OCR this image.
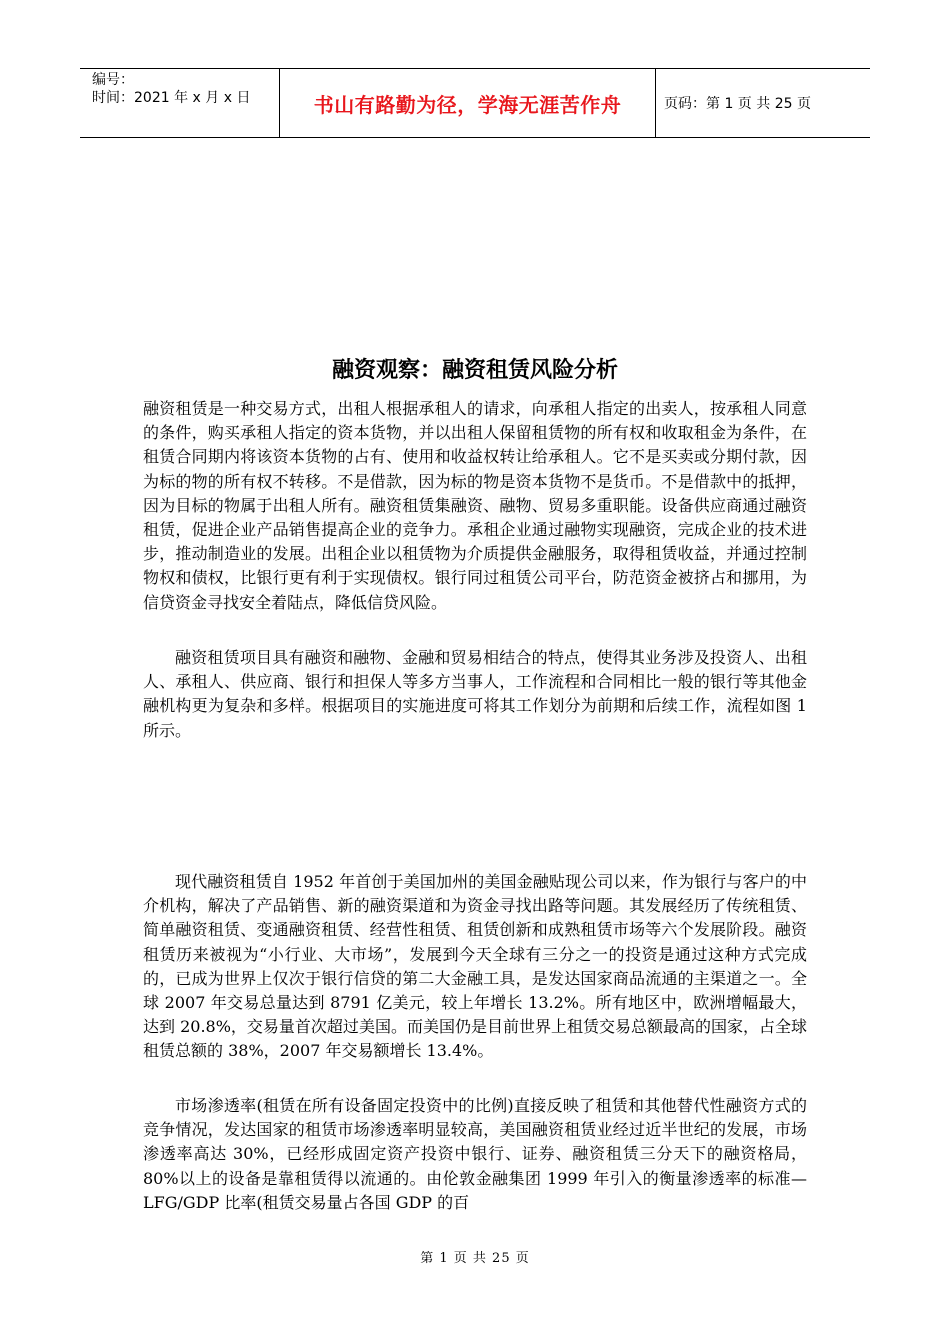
编号：
时间：2021 年 x 月 x 日	书山有路勤为径，学海无涯苦作舟	页码：第 1 页 共 25 页
融资观察：融资租赁风险分析

融资租赁是一种交易方式，出租人根据承租人的请求，向承租人指定的出卖人，按承租人同意的条件，购买承租人指定的资本货物，并以出租人保留租赁物的所有权和收取租金为条件，在租赁合同期内将该资本货物的占有、使用和收益权转让给承租人。它不是买卖或分期付款，因为标的物的所有权不转移。不是借款，因为标的物是资本货物不是货币。不是借款中的抵押，因为目标的物属于出租人所有。融资租赁集融资、融物、贸易多重职能。设备供应商通过融资租赁，促进企业产品销售提高企业的竞争力。承租企业通过融物实现融资，完成企业的技术进步，推动制造业的发展。出租企业以租赁物为介质提供金融服务，取得租赁收益，并通过控制物权和债权，比银行更有利于实现债权。银行同过租赁公司平台，防范资金被挤占和挪用，为信贷资金寻找安全着陆点，降低信贷风险。

融资租赁项目具有融资和融物、金融和贸易相结合的特点，使得其业务涉及投资人、出租人、承租人、供应商、银行和担保人等多方当事人，工作流程和合同相比一般的银行等其他金融机构更为复杂和多样。根据项目的实施进度可将其工作划分为前期和后续工作，流程如图 1 所示。

现代融资租赁自 1952 年首创于美国加州的美国金融贴现公司以来，作为银行与客户的中介机构，解决了产品销售、新的融资渠道和为资金寻找出路等问题。其发展经历了传统租赁、简单融资租赁、变通融资租赁、经营性租赁、租赁创新和成熟租赁市场等六个发展阶段。融资租赁历来被视为“小行业、大市场”，发展到今天全球有三分之一的投资是通过这种方式完成的，已成为世界上仅次于银行信贷的第二大金融工具，是发达国家商品流通的主渠道之一。全球 2007 年交易总量达到 8791 亿美元，较上年增长 13.2%。所有地区中，欧洲增幅最大，达到 20.8%，交易量首次超过美国。而美国仍是目前世界上租赁交易总额最高的国家，占全球租赁总额的 38%，2007 年交易额增长 13.4%。

市场渗透率(租赁在所有设备固定投资中的比例)直接反映了租赁和其他替代性融资方式的竞争情况，发达国家的租赁市场渗透率明显较高，美国融资租赁业经过近半世纪的发展，市场渗透率高达 30%，已经形成固定资产投资中银行、证券、融资租赁三分天下的融资格局，80%以上的设备是靠租赁得以流通的。由伦敦金融集团 1999 年引入的衡量渗透率的标准—LFG/GDP 比率(租赁交易量占各国 GDP 的百

第 1 页 共 25 页
